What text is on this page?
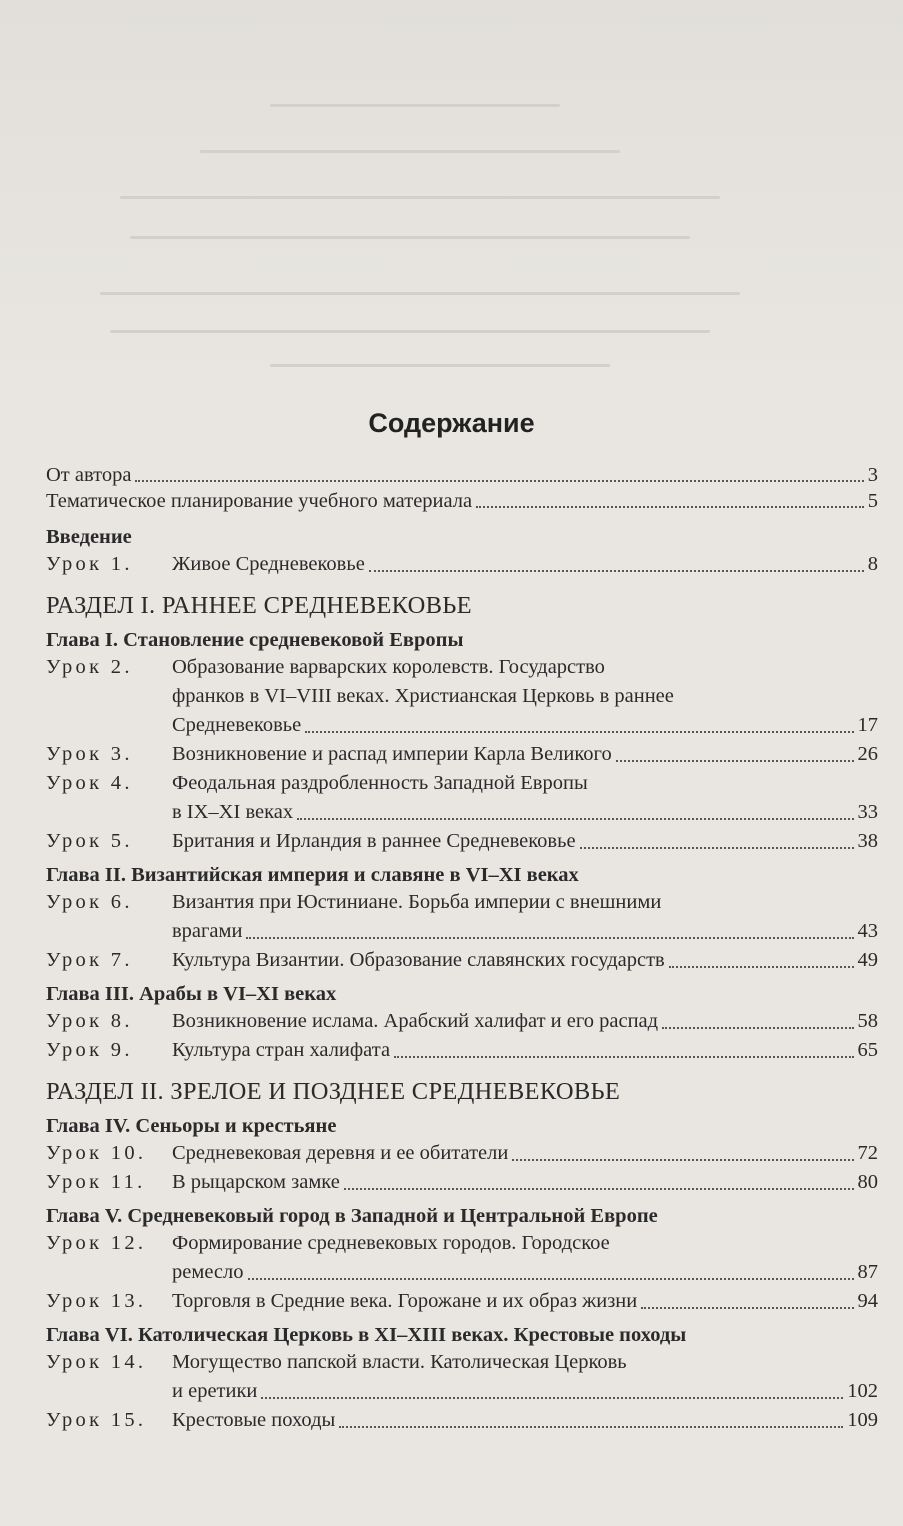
Содержание
От автора	3
Тематическое планирование учебного материала	5
Введение
Урок 1.	Живое Средневековье	8
РАЗДЕЛ I. РАННЕЕ СРЕДНЕВЕКОВЬЕ
Глава I. Становление средневековой Европы
Урок 2.	Образование варварских королевств. Государство
франков в VI–VIII веках. Христианская Церковь в раннее
Средневековье	17
Урок 3.	Возникновение и распад империи Карла Великого	26
Урок 4.	Феодальная раздробленность Западной Европы
в IX–XI веках	33
Урок 5.	Британия и Ирландия в раннее Средневековье	38
Глава II. Византийская империя и славяне в VI–XI веках
Урок 6.	Византия при Юстиниане. Борьба империи с внешними
врагами	43
Урок 7.	Культура Византии. Образование славянских государств	49
Глава III. Арабы в VI–XI веках
Урок 8.	Возникновение ислама. Арабский халифат и его распад	58
Урок 9.	Культура стран халифата	65
РАЗДЕЛ II. ЗРЕЛОЕ И ПОЗДНЕЕ СРЕДНЕВЕКОВЬЕ
Глава IV. Сеньоры и крестьяне
Урок 10.	Средневековая деревня и ее обитатели	72
Урок 11.	В рыцарском замке	80
Глава V. Средневековый город в Западной и Центральной Европе
Урок 12.	Формирование средневековых городов. Городское
ремесло	87
Урок 13.	Торговля в Средние века. Горожане и их образ жизни	94
Глава VI. Католическая Церковь в XI–XIII веках. Крестовые походы
Урок 14.	Могущество папской власти. Католическая Церковь
и еретики	102
Урок 15.	Крестовые походы	109
